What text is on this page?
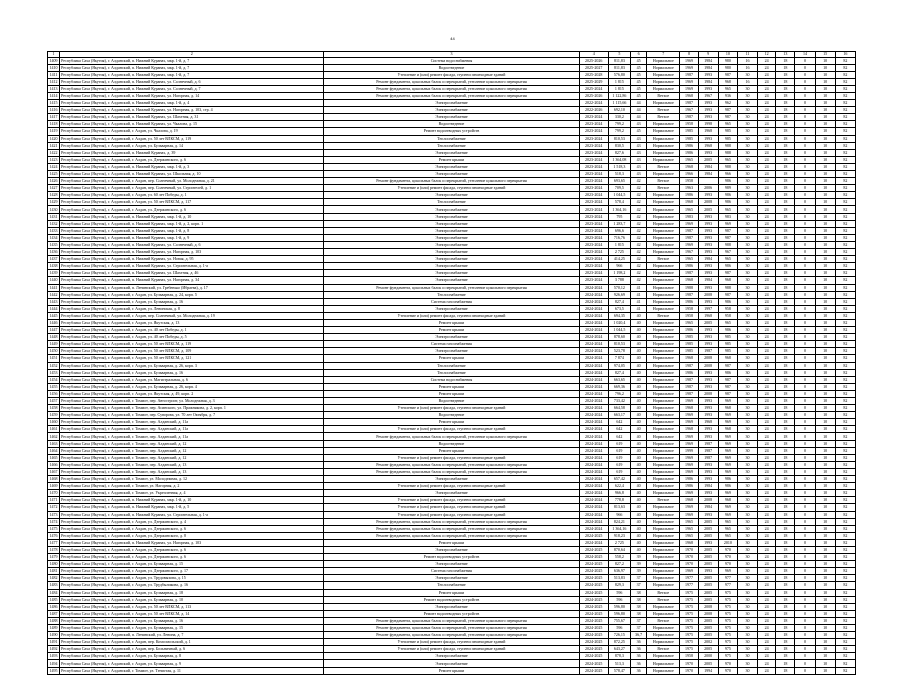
44
1	2	3	4	5	6	7	8	9	10	11	12	13	14	15	16
1409	Республика Саха (Якутия), г. Алданский, п. Нижний Куранах, мкр. 1-й, д. 7	Система водоснабжения	2025-2026	811,83	45	Нормальное	1969	1984	980	16	24	18	0	10	82
1410	Республика Саха (Якутия), г. Алданский, п. Нижний Куранах, мкр. 1-й, д. 7	Водоотведение	2025-2027	811,83	45	Нормальное	1969	1984	980	16	24	18	0	10	82
1411	Республика Саха (Якутия), г. Алданский, п. Нижний Куранах, мкр. 1-й, д. 7	Утепление и (или) ремонт фасада, ступени пешеходные зданий	2025-2028	576,80	45	Нормальное	1987	1993	987	30	24	18	0	10	82
1412	Республика Саха (Якутия), г. Алданский, п. Нижний Куранах, ул. Солнечный, д. 6	Ремонт фундамента, цокольных балок и перекрытий, утепление цокольного перекрытия	2025-2029	1 815	45	Нормальное	1969	1984	968	16	24	18	0	10	82
1413	Республика Саха (Якутия), г. Алданский, п. Нижний Куранах, ул. Солнечный, д. 7	Ремонт фундамента, цокольных балок и перекрытий, утепление цокольного перекрытия	2025-2024	1 815	45	Нормальное	1969	1993	965	30	24	18	0	10	82
1414	Республика Саха (Якутия), г. Алданский, п. Нижний Куранах, ул. Нагорная, д. 14	Ремонт фундамента, цокольных балок и перекрытий, утепление цокольного перекрытия	2025-2026	1 122,86	45	Ветхое	1968	1967	936	30	24	18	0	10	82
1415	Республика Саха (Якутия), г. Алданский, п. Нижний Куранах, мкр. 1-й, д. 4	Электроснабжение	2022-2024	1 115,66	44	Нормальное	1987	1993	962	30	24	18	0	10	82
1416	Республика Саха (Якутия), г. Алданский, п. Нижний Куранах, ул. Нагорная, д. 103, стр. 4	Электроснабжение	2022-2026	692,10	44	Ветхое	1967	1993	987	30	24	18	0	10	82
1417	Республика Саха (Якутия), г. Алданский, п. Нижний Куранах, ул. Шахтная, д. 31	Электроснабжение	2023-2024	330,2	44	Ветхое	1987	1993	987	30	24	18	0	10	82
1418	Республика Саха (Якутия), г. Алданский, п. Нижний Куранах, ул. Чкалова, д. 15	Водоотведение	2023-2024	799,2	43	Нормальное	1958	1998	965	30	24	18	0	10	82
1419	Республика Саха (Якутия), г. Алданский, г. Алдан, ул. Чкалова, д. 19	Ремонт водоотводных устройств	2023-2024	799,2	45	Нормальное	1985	1968	985	30	24	18	0	10	82
1420	Республика Саха (Якутия), г. Алданский, г. Алдан, ул. 50 лет ВЛКСМ, д. 119	Теплоснабжение	2023-2024	810,53	43	Нормальное	1985	1993	985	30	24	18	0	10	82
1421	Республика Саха (Якутия), г. Алданский, г. Алдан, ул. Бульварная, д. 14	Теплоснабжение	2023-2024	830,5	43	Нормальное	1986	1968	988	30	24	18	0	10	82
1422	Республика Саха (Якутия), г. Алданский, п. Нижний Куранах, д. 39	Электроснабжение	2023-2024	827,6	43	Нормальное	1986	1993	988	30	24	18	0	10	82
1423	Республика Саха (Якутия), г. Алданский, г. Алдан, ул. Дзержинского, д. 6	Ремонт крыши	2023-2024	1 364,08	43	Нормальное	1965	2005	965	30	24	18	0	10	82
1424	Республика Саха (Якутия), г. Алданский, п. Нижний Куранах, мкр. 1-й, д. 3	Электроснабжение	2023-2024	1 518,3	43	Ветхое	1968	1984	988	30	24	18	0	10	82
1425	Республика Саха (Якутия), г. Алданский, п. Нижний Куранах, ул. Школьная, д. 10	Электроснабжение	2023-2024	518,3	43	Нормальное	1966	1984	966	30	24	18	0	10	82
1426	Республика Саха (Якутия), г. Алданский, г. Алдан, пер. Солнечный, ул. Молодежная, д. 21	Ремонт фундамента, цокольных балок и перекрытий, утепление цокольного перекрытия	2023-2024	693,65	42	Ветхое	1958		986	30	24	18	0	10	82
1427	Республика Саха (Якутия), г. Алданский, г. Алдан, пер. Солнечный, ул. Строителей, д. 1	Утепление и (или) ремонт фасада, ступени пешеходные зданий	2023-2024	709,5	42	Ветхое	1963	2006	989	30	24	18	0	10	82
1428	Республика Саха (Якутия), г. Алданский, г. Алдан, ул. 60 лет Победы, д. 1	Электроснабжение	2023-2024	1 044,5	42	Нормальное	1986	1993	986	30	24	18	0	10	82
1429	Республика Саха (Якутия), г. Алданский, г. Алдан, ул. 50 лет ВЛКСМ, д. 117	Теплоснабжение	2023-2024	578,4	42	Нормальное	1968	2008	986	30	24	18	0	10	82
1430	Республика Саха (Якутия), г. Алданский, г. Алдан, ул. Дзержинского, д. 6	Электроснабжение	2023-2024	1 364,16	42	Нормальное	1965	2005	965	30	24	18	0	10	82
1431	Республика Саха (Якутия), г. Алданский, п. Нижний Куранах, мкр. 1-й, д. 10	Электроснабжение	2023-2024	795	42	Нормальное	1983	1993	983	30	24	18	0	10	82
1432	Республика Саха (Якутия), г. Алданский, п. Нижний Куранах, мкр. 1-й, д. 2, корп. 1	Электроснабжение	2023-2024	1 283,7	42	Нормальное	1969	1993	969	30	24	18	0	10	82
1433	Республика Саха (Якутия), г. Алданский, п. Нижний Куранах, мкр. 1-й, д. 8	Электроснабжение	2023-2024	696,6	42	Нормальное	1987	1993	987	30	24	18	0	10	82
1434	Республика Саха (Якутия), г. Алданский, п. Нижний Куранах, мкр. 1-й, д. 9	Электроснабжение	2023-2024	716,76	42	Нормальное	1987	1993	987	30	24	18	0	10	82
1435	Республика Саха (Якутия), г. Алданский, п. Нижний Куранах, ул. Солнечный, д. 6	Электроснабжение	2023-2024	1 815	42	Нормальное	1969	1993	988	30	24	18	0	10	82
1436	Республика Саха (Якутия), г. Алданский, п. Нижний Куранах, ул. Нагорная, д. 103	Электроснабжение	2023-2024	2 725	42	Нормальное	1967	1993	967	30	24	18	0	10	82
1437	Республика Саха (Якутия), г. Алданский, п. Нижний Куранах, ул. Новая, д. 95	Электроснабжение	2023-2024	414,25	42	Ветхое	1965	1984	965	30	24	18	0	10	82
1438	Республика Саха (Якутия), г. Алданский, п. Нижний Куранах, ул. Строительная, д. 1-а	Электроснабжение	2023-2024	966	42	Нормальное	1986	1993	986	30	24	18	0	10	82
1439	Республика Саха (Якутия), г. Алданский, п. Нижний Куранах, ул. Шахтная, д. 46	Электроснабжение	2023-2024	1 198,2	42	Нормальное	1987	1993	987	30	24	18	0	10	82
1440	Республика Саха (Якутия), г. Алданский, п. Нижний Куранах, ул. Нагорная, д. 34	Электроснабжение	2023-2024	3 788	42	Нормальное	1968	1984	968	30	24	18	0	10	82
1441	Республика Саха (Якутия), г. Алданский, п. Ленинский, ул. Гребенько (Ибраева), д. 17	Ремонт фундамента, цокольных балок и перекрытий, утепление цокольного перекрытия	2024-2024	570,12	41	Нормальное	1988	1993	988	30	24	18	0	10	82
1442	Республика Саха (Якутия), г. Алданский, г. Алдан, ул. Бульварная, д. 24, корп. 5	Теплоснабжение	2024-2024	926,69	41	Нормальное	1987	2008	987	30	24	18	0	10	82
1443	Республика Саха (Якутия), г. Алданский, г. Алдан, ул. Бульварная, д. 16	Система газоснабжения	2024-2024	827,4	41	Нормальное	1986	1993	986	30	24	18	0	10	82
1444	Республика Саха (Якутия), г. Алданский, г. Алдан, ул. Ленинская, д. 8	Электроснабжение	2024-2024	673,5	41	Нормальное	1958	1997	958	30	24	18	0	10	82
1445	Республика Саха (Якутия), г. Алданский, г. Алдан, пер. Солнечный, ул. Молодежная, д. 19	Утепление и (или) ремонт фасада, ступени пешеходные зданий	2024-2024	694,35	40	Ветхое	1958	1968	958	30	24	18	0	10	82
1446	Республика Саха (Якутия), г. Алданский, г. Алдан, ул. Якутская, д. 13	Ремонт крыши	2024-2024	1 020,4	40	Нормальное	1965	2005	965	30	24	18	0	10	82
1447	Республика Саха (Якутия), г. Алданский, г. Алдан, ул. 40 лет Победы, д. 1	Ремонт крыши	2024-2024	1 044,5	40	Нормальное	1986	1993	986	30	24	18	0	10	82
1448	Республика Саха (Якутия), г. Алданский, г. Алдан, ул. 40 лет Победы, д. 5	Электроснабжение	2024-2024	878,60	40	Нормальное	1985	1993	985	30	24	18	0	10	82
1449	Республика Саха (Якутия), г. Алданский, г. Алдан, ул. 50 лет ВЛКСМ, д. 119	Система газоснабжения	2024-2024	810,53	40	Нормальное	1985	1993	985	30	24	18	0	10	82
1450	Республика Саха (Якутия), г. Алданский, г. Алдан, ул. 50 лет ВЛКСМ, д. 109	Электроснабжение	2024-2024	523,78	40	Нормальное	1985	1987	985	30	24	18	0	10	82
1451	Республика Саха (Якутия), г. Алданский, г. Алдан, ул. 50 лет ВЛКСМ, д. 121	Ремонт крыши	2024-2024	7 874	40	Нормальное	1968	2008	968	30	24	18	0	10	82
1452	Республика Саха (Якутия), г. Алданский, г. Алдан, ул. Бульварная, д. 26, корп. 3	Теплоснабжение	2024-2024	974,05	40	Нормальное	1987	2008	987	30	24	18	0	10	82
1453	Республика Саха (Якутия), г. Алданский, г. Алдан, ул. Бульварная, д. 16	Теплоснабжение	2024-2024	827,4	40	Нормальное	1986	1993	986	30	24	18	0	10	82
1454	Республика Саха (Якутия), г. Алданский, г. Алдан, ул. Магистральная, д. 6	Система водоснабжения	2024-2024	663,65	40	Нормальное	1987	1993	987	30	24	18	0	10	82
1455	Республика Саха (Якутия), г. Алданский, г. Алдан, ул. Бульварная, д. 26, корп. 4	Ремонт крыши	2024-2024	669,36	40	Нормальное	1987	1993	987	30	24	18	0	10	82
1456	Республика Саха (Якутия), г. Алданский, г. Алдан, ул. Якутская, д. 49, корп. 2	Ремонт крыши	2024-2024	796,2	40	Нормальное	1987	2008	987	30	24	18	0	10	82
1457	Республика Саха (Якутия), г. Алданский, г. Томмот, пер. Автостроит, ул. Молодежная, д. 3	Водоотведение	2024-2024	733,42	40	Нормальное	1969	1993	969	30	24	18	0	10	82
1458	Республика Саха (Якутия), г. Алданский, г. Томмот, пер. Асинского, ул. Пражнякова, д. 2, корп. 1	Утепление и (или) ремонт фасада, ступени пешеходные зданий	2024-2024	664,58	40	Нормальное	1968	1993	968	30	24	18	0	10	82
1459	Республика Саха (Якутия), г. Алданский, г. Томмот, пер. Суворова, ул. 70 лет Октября, д. 7	Водоотведение	2024-2024	663,17	40	Нормальное	1969	1993	969	30	24	18	0	10	82
1460	Республика Саха (Якутия), г. Алданский, г. Томмот, пер. Алданский, д. 11а	Ремонт крыши	2024-2024	642	40	Нормальное	1969	1968	969	30	24	18	0	10	82
1461	Республика Саха (Якутия), г. Алданский, г. Томмот, пер. Алданский, д. 11а	Утепление и (или) ремонт фасада, ступени пешеходные зданий	2024-2024	642	40	Нормальное	1968	1993	968	30	24	18	0	10	82
1462	Республика Саха (Якутия), г. Алданский, г. Томмот, пер. Алданский, д. 11а	Ремонт фундамента, цокольных балок и перекрытий, утепление цокольного перекрытия	2024-2024	642	40	Нормальное	1969	1993	969	30	24	18	0	10	82
1463	Республика Саха (Якутия), г. Алданский, г. Томмот, пер. Алданский, д. 12	Водоотведение	2024-2024	619	40	Нормальное	1969	1987	969	30	24	18	0	10	82
1464	Республика Саха (Якутия), г. Алданский, г. Томмот, пер. Алданский, д. 12	Ремонт крыши	2024-2024	619	40	Нормальное	1999	1987	969	30	24	18	0	10	82
1465	Республика Саха (Якутия), г. Алданский, г. Томмот, пер. Алданский, д. 12	Утепление и (или) ремонт фасада, ступени пешеходные зданий	2024-2024	619	40	Нормальное	1969	1987	969	30	24	18	0	10	82
1466	Республика Саха (Якутия), г. Алданский, г. Томмот, пер. Алданский, д. 13	Ремонт фундамента, цокольных балок и перекрытий, утепление цокольного перекрытия	2024-2024	619	40	Нормальное	1969	1993	969	30	24	18	0	10	82
1467	Республика Саха (Якутия), г. Алданский, г. Томмот, пер. Алданский, д. 13	Ремонт фундамента, цокольных балок и перекрытий, утепление цокольного перекрытия	2024-2024	619	40	Нормальное	1969	1993	969	30	24	18	0	10	82
1468	Республика Саха (Якутия), г. Алданский, г. Томмот, ул. Молодежная, д. 12	Электроснабжение	2024-2024	657,42	40	Нормальное	1986	1993	986	30	24	18	0	10	82
1469	Республика Саха (Якутия), г. Алданский, г. Томмот, ул. Нагорная, д. 2	Утепление и (или) ремонт фасада, ступени пешеходные зданий	2024-2024	622,4	40	Нормальное	1986	1984	986	30	24	18	0	10	82
1470	Республика Саха (Якутия), г. Алданский, г. Томмот, ул. Укрепленная, д. 4	Электроснабжение	2024-2024	966,8	40	Нормальное	1969	1993	969	30	24	18	0	10	82
1471	Республика Саха (Якутия), г. Алданский, п. Нижний Куранах, мкр. 1-й, д. 10	Утепление и (или) ремонт фасада, ступени пешеходные зданий	2024-2024	778,8	40	Ветхое	1968	2008	968	30	24	18	0	10	82
1472	Республика Саха (Якутия), г. Алданский, п. Нижний Куранах, мкр. 1-й, д. 5	Утепление и (или) ремонт фасада, ступени пешеходные зданий	2024-2024	813,63	40	Нормальное	1969	1984	969	30	24	18	0	10	82
1473	Республика Саха (Якутия), г. Алданский, п. Нижний Куранах, ул. Строительная, д. 1-а	Утепление и (или) ремонт фасада, ступени пешеходные зданий	2024-2024	966	40	Нормальное	1969	1993	969	30	24	18	0	10	82
1474	Республика Саха (Якутия), г. Алданский, г. Алдан, ул. Дзержинского, д. 4	Ремонт фундамента, цокольных балок и перекрытий, утепление цокольного перекрытия	2024-2024	824,21	40	Нормальное	1965	2005	965	30	24	18	0	10	82
1475	Республика Саха (Якутия), г. Алданский, г. Алдан, ул. Дзержинского, д. 6	Ремонт фундамента, цокольных балок и перекрытий, утепление цокольного перекрытия	2024-2024	1 364,16	40	Нормальное	1965	2005	965	30	24	18	0	10	82
1476	Республика Саха (Якутия), г. Алданский, г. Алдан, ул. Дзержинского, д. 8	Ремонт фундамента, цокольных балок и перекрытий, утепление цокольного перекрытия	2024-2025	918,23	40	Нормальное	1965	2005	965	30	24	18	0	10	82
1477	Республика Саха (Якутия), г. Алданский, п. Нижний Куранах, ул. Нагорная, д. 103	Ремонт крыши	2024-2024	2 725	40	Нормальное	1968	1993	2010	30	24	18	0	10	82
1478	Республика Саха (Якутия), г. Алданский, г. Алдан, ул. Дзержинского, д. 6	Электроснабжение	2024-2025	870,64	40	Нормальное	1970	2005	970	30	24	18	0	10	82
1479	Республика Саха (Якутия), г. Алданский, г. Алдан, ул. Дзержинского, д. 6	Ремонт водоотводных устройств	2024-2025	558,2	39	Нормальное	1970	2005	970	30	24	18	0	10	82
1480	Республика Саха (Якутия), г. Алданский, г. Алдан, ул. Бульварная, д. 15	Электроснабжение	2024-2025	827,2	39	Нормальное	1970	2005	970	30	24	18	0	10	82
1481	Республика Саха (Якутия), г. Алданский, г. Алдан, ул. Дзержинского, д. 17	Система газоснабжения	2024-2025	636,97	39	Нормальное	1969	1993	969	30	24	18	0	10	82
1482	Республика Саха (Якутия), г. Алданский, г. Алдан, ул. Трудовыхова, д. 15	Электроснабжение	2024-2025	513,83	37	Нормальное	1977	2005	977	30	24	18	0	10	82
1483	Республика Саха (Якутия), г. Алданский, г. Алдан, ул. Трудбыликова, д. 16	Теплоснабжение	2024-2025	829,3	37	Нормальное	1977	2005	977	30	24	18	0	10	82
1484	Республика Саха (Якутия), г. Алданский, г. Алдан, ул. Бульварная, д. 18	Ремонт крыши	2024-2025	596	38	Ветхое	1975	2005	975	30	24	18	0	10	82
1485	Республика Саха (Якутия), г. Алданский, г. Алдан, ул. Бульварная, д. 10	Ремонт водоотводных устройств	2024-2025	596	38	Ветхое	1975	2005	975	30	24	18	0	10	82
1486	Республика Саха (Якутия), г. Алданский, г. Алдан, ул. 50 лет ВЛКСМ, д. 113	Электроснабжение	2024-2025	596,80	38	Нормальное	1975	2008	975	30	24	18	0	10	82
1487	Республика Саха (Якутия), г. Алданский, г. Алдан, ул. 50 лет ВЛКСМ, д. 14	Ремонт водоотводных устройств	2024-2025	596,80	38	Нормальное	1975	2008	975	30	24	18	0	10	82
1488	Республика Саха (Якутия), г. Алданский, г. Алдан, ул. Бульварная, д. 16	Ремонт фундамента, цокольных балок и перекрытий, утепление цокольного перекрытия	2024-2025	755,67	37	Ветхое	1975	2005	975	30	24	18	0	10	82
1489	Республика Саха (Якутия), г. Алданский, г. Алдан, ул. Бульварная, д. 15	Ремонт фундамента, цокольных балок и перекрытий, утепление цокольного перекрытия	2024-2025	596	37	Нормальное	1975	2005	975	30	24	18	0	10	82
1490	Республика Саха (Якутия), г. Алданский, п. Ленинский, ул. Ленина, д. 7	Ремонт фундамента, цокольных балок и перекрытий, утепление цокольного перекрытия	2024-2025	726,15	36,7	Нормальное	1975	2005	975	30	24	18	0	10	82
1491	Республика Саха (Якутия), г. Алданский, г. Алдан, пер. Комсомольский, д. 1	Утепление и (или) ремонт фасада, ступени пешеходные зданий	2024-2025	872,25	36	Нормальное	1975	2002	975	30	24	18	0	10	82
1492	Республика Саха (Якутия), г. Алданский, г. Алдан, пер. Больничный, д. 6	Утепление и (или) ремонт фасада, ступени пешеходные зданий	2024-2025	643,27	36	Ветхое	1975	2005	975	30	24	18	0	10	82
1493	Республика Саха (Якутия), г. Алданский, г. Алдан, ул. Бульварная, д. 8	Электроснабжение	2024-2025	878,3	36	Нормальное	1958	2000	975	30	24	18	0	10	82
1494	Республика Саха (Якутия), г. Алданский, г. Алдан, ул. Бульварная, д. 9	Электроснабжение	2024-2025	513,3	36	Нормальное	1970	2005	970	30	24	18	0	10	82
1495	Республика Саха (Якутия), г. Алданский, г. Томмот, ул. Тенистая, д. 11	Ремонт крыши	2024-2025	578,47	36	Нормальное	1970	1994	970	30	24	18	0	10	82
